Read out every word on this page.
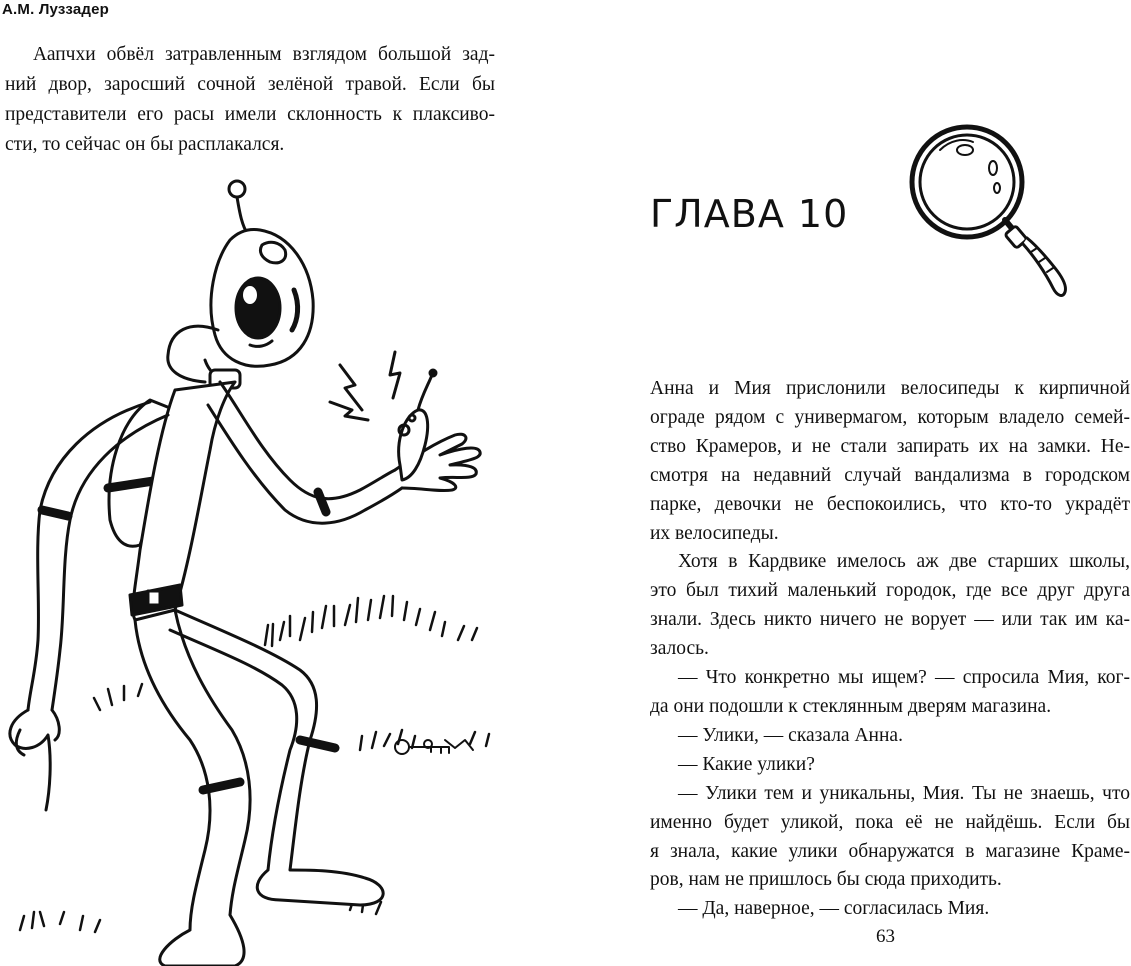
А.М. Луззадер

Аапчхи обвёл затравленным взглядом большой зад-
ний двор, заросший сочной зелёной травой. Если бы
представители его расы имели склонность к плаксиво-
сти, то сейчас он бы расплакался.

ГЛАВА 10

Анна и Мия прислонили велосипеды к кирпичной
ограде рядом с универмагом, которым владело семей-
ство Крамеров, и не стали запирать их на замки. Не-
смотря на недавний случай вандализма в городском
парке, девочки не беспокоились, что кто-то украдёт
их велосипеды.

Хотя в Кардвике имелось аж две старших школы,
это был тихий маленький городок, где все друг друга
знали. Здесь никто ничего не ворует — или так им ка-
залось.

— Что конкретно мы ищем? — спросила Мия, ког-
да они подошли к стеклянным дверям магазина.

— Улики, — сказала Анна.

— Какие улики?

— Улики тем и уникальны, Мия. Ты не знаешь, что
именно будет уликой, пока её не найдёшь. Если бы
я знала, какие улики обнаружатся в магазине Краме-
ров, нам не пришлось бы сюда приходить.

— Да, наверное, — согласилась Мия.

63
